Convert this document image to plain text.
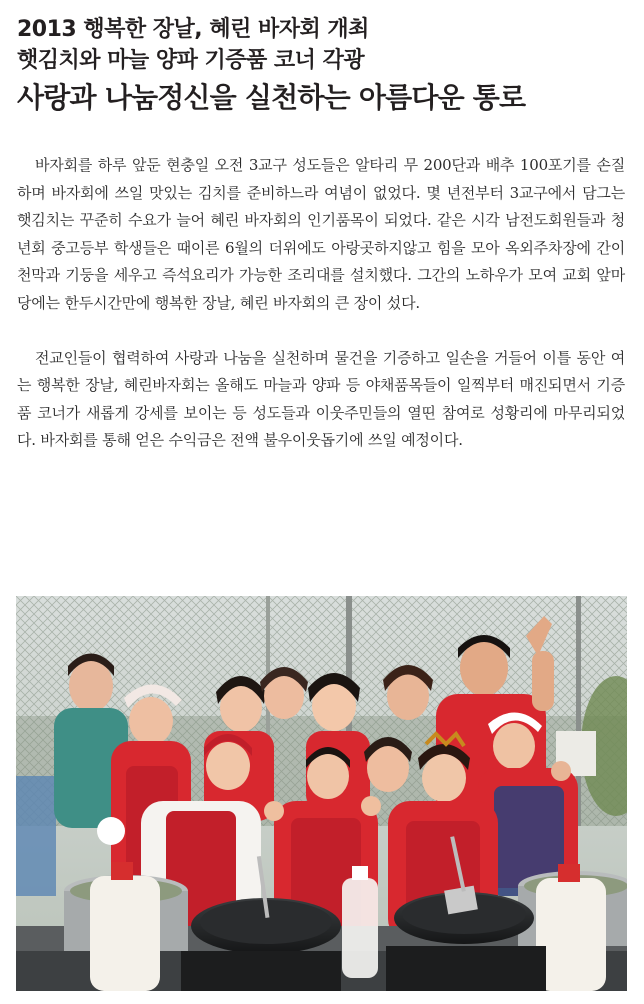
2013 행복한 장날, 혜린 바자회 개최
햇김치와 마늘 양파 기증품 코너 각광
사랑과 나눔정신을 실천하는 아름다운 통로

바자회를 하루 앞둔 현충일 오전 3교구 성도들은 알타리 무 200단과 배추 100포기를 손질하며 바자회에 쓰일 맛있는 김치를 준비하느라 여념이 없었다. 몇 년전부터 3교구에서 담그는 햇김치는 꾸준히 수요가 늘어 혜린 바자회의 인기품목이 되었다. 같은 시각 남전도회원들과 청년회 중고등부 학생들은 때이른 6월의 더위에도 아랑곳하지않고 힘을 모아 옥외주차장에 간이천막과 기둥을 세우고 즉석요리가 가능한 조리대를 설치했다. 그간의 노하우가 모여 교회 앞마당에는 한두시간만에 행복한 장날, 혜린 바자회의 큰 장이 섰다.

전교인들이 협력하여 사랑과 나눔을 실천하며 물건을 기증하고 일손을 거들어 이틀 동안 여는 행복한 장날, 혜린바자회는 올해도 마늘과 양파 등 야채품목들이 일찍부터 매진되면서 기증품 코너가 새롭게 강세를 보이는 등 성도들과 이웃주민들의 열띤 참여로 성황리에 마무리되었다. 바자회를 통해 얻은 수익금은 전액 불우이웃돕기에 쓰일 예정이다.
